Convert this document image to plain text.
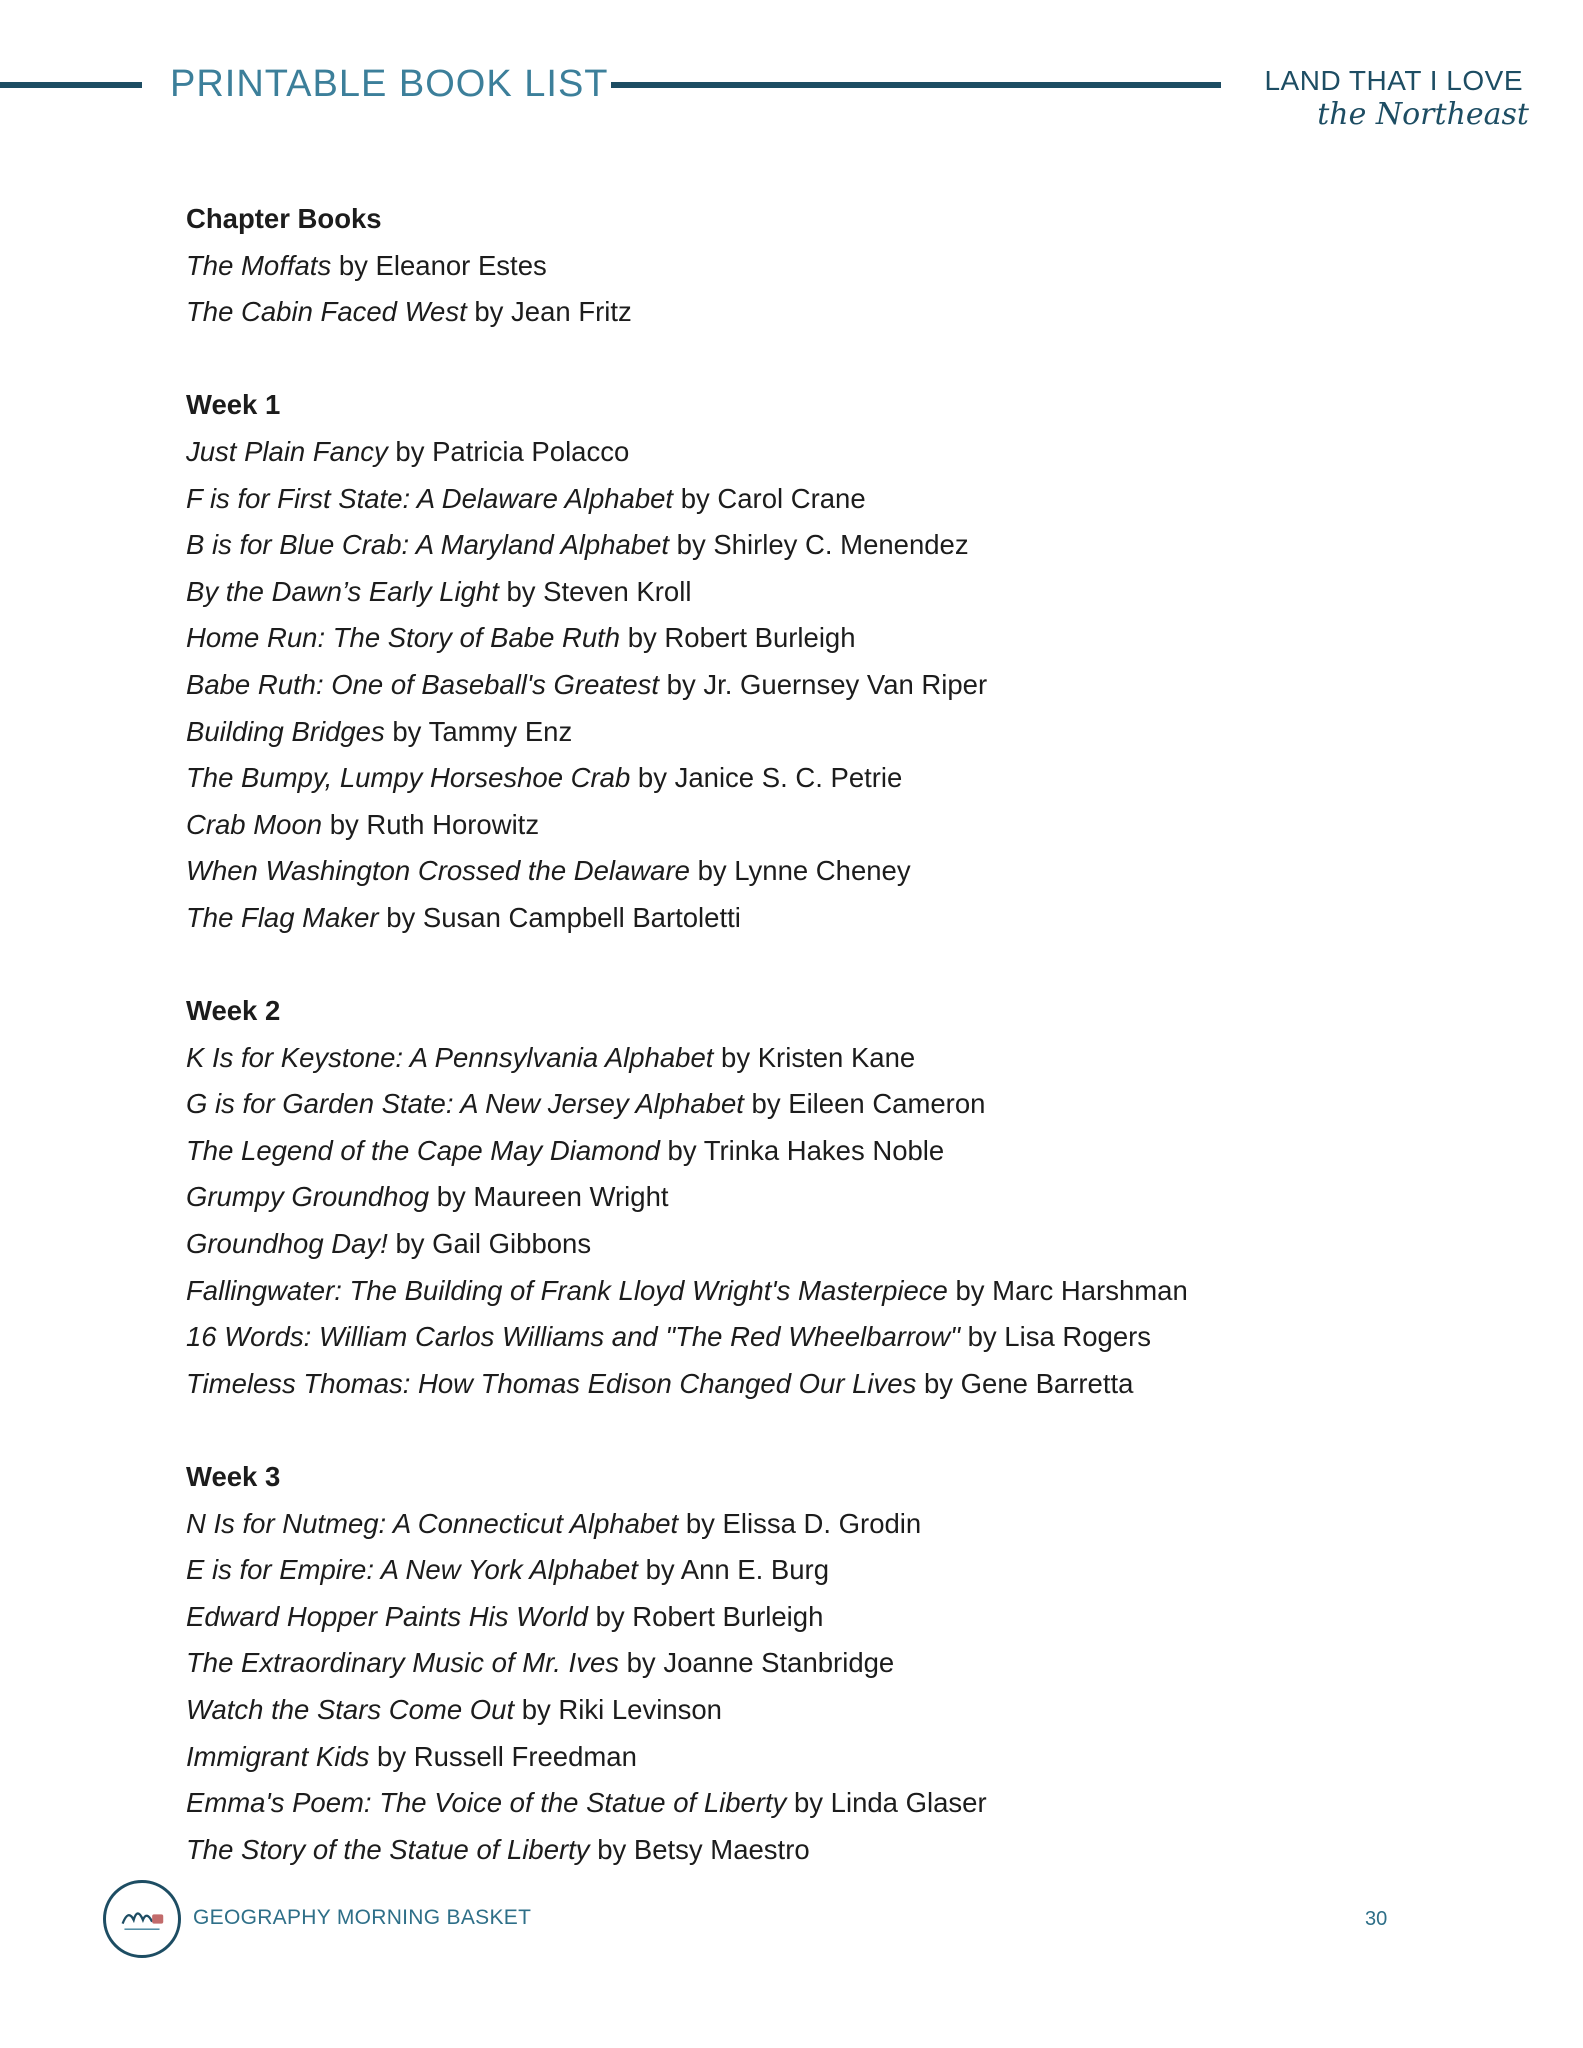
PRINTABLE BOOK LIST	LAND THAT I LOVE
the Northeast
Chapter Books
The Moffats by Eleanor Estes
The Cabin Faced West by Jean Fritz
Week 1
Just Plain Fancy by Patricia Polacco
F is for First State: A Delaware Alphabet by Carol Crane
B is for Blue Crab: A Maryland Alphabet by Shirley C. Menendez
By the Dawn’s Early Light by Steven Kroll
Home Run: The Story of Babe Ruth by Robert Burleigh
Babe Ruth: One of Baseball's Greatest by Jr. Guernsey Van Riper
Building Bridges by Tammy Enz
The Bumpy, Lumpy Horseshoe Crab by Janice S. C. Petrie
Crab Moon by Ruth Horowitz
When Washington Crossed the Delaware by Lynne Cheney
The Flag Maker by Susan Campbell Bartoletti
Week 2
K Is for Keystone: A Pennsylvania Alphabet by Kristen Kane
G is for Garden State: A New Jersey Alphabet by Eileen Cameron
The Legend of the Cape May Diamond by Trinka Hakes Noble
Grumpy Groundhog by Maureen Wright
Groundhog Day! by Gail Gibbons
Fallingwater: The Building of Frank Lloyd Wright's Masterpiece by Marc Harshman
16 Words: William Carlos Williams and "The Red Wheelbarrow" by Lisa Rogers
Timeless Thomas: How Thomas Edison Changed Our Lives by Gene Barretta
Week 3
N Is for Nutmeg: A Connecticut Alphabet by Elissa D. Grodin
E is for Empire: A New York Alphabet by Ann E. Burg
Edward Hopper Paints His World by Robert Burleigh
The Extraordinary Music of Mr. Ives by Joanne Stanbridge
Watch the Stars Come Out by Riki Levinson
Immigrant Kids by Russell Freedman
Emma's Poem: The Voice of the Statue of Liberty by Linda Glaser
The Story of the Statue of Liberty by Betsy Maestro
GEOGRAPHY MORNING BASKET	30
